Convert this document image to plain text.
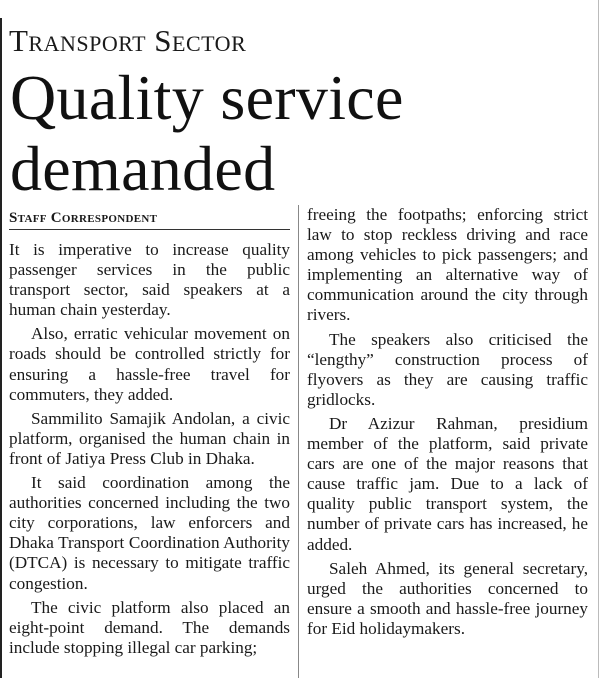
Transport Sector
Quality service
demanded
Staff Correspondent

It is imperative to increase quality passenger services in the public transport sector, said speakers at a human chain yesterday.

Also, erratic vehicular movement on roads should be controlled strictly for ensuring a hassle-free travel for commuters, they added.

Sammilito Samajik Andolan, a civic platform, organised the human chain in front of Jatiya Press Club in Dhaka.

It said coordination among the authorities concerned including the two city corporations, law enforcers and Dhaka Transport Coordination Authority (DTCA) is necessary to mitigate traffic congestion.

The civic platform also placed an eight-point demand. The demands include stopping illegal car parking;

freeing the footpaths; enforcing strict law to stop reckless driving and race among vehicles to pick passengers; and implementing an alternative way of communication around the city through rivers.

The speakers also criticised the “lengthy” construction process of flyovers as they are causing traffic gridlocks.

Dr Azizur Rahman, presidium member of the platform, said private cars are one of the major reasons that cause traffic jam. Due to a lack of quality public transport system, the number of private cars has increased, he added.

Saleh Ahmed, its general secretary, urged the authorities concerned to ensure a smooth and hassle-free journey for Eid holidaymakers.
